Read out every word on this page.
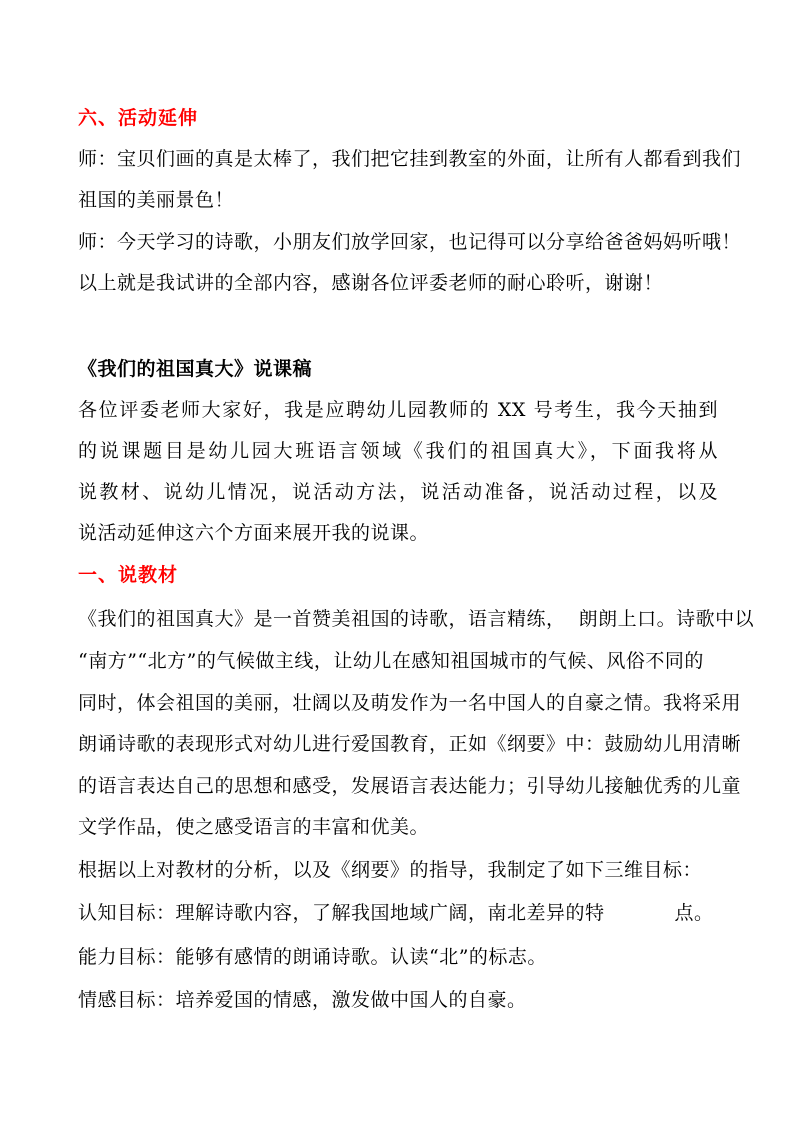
六、活动延伸
师：宝贝们画的真是太棒了，我们把它挂到教室的外面，让所有人都看到我们
祖国的美丽景色！
师：今天学习的诗歌，小朋友们放学回家，也记得可以分享给爸爸妈妈听哦！
以上就是我试讲的全部内容，感谢各位评委老师的耐心聆听，谢谢！
《我们的祖国真大》说课稿
各位评委老师大家好，我是应聘幼儿园教师的 XX 号考生，我今天抽到
的说课题目是幼儿园大班语言领域《我们的祖国真大》，下面我将从
说教材、说幼儿情况，说活动方法，说活动准备，说活动过程，以及
说活动延伸这六个方面来展开我的说课。
一、说教材
《我们的祖国真大》是一首赞美祖国的诗歌，语言精练，  朗朗上口。诗歌中以
“南方”“北方”的气候做主线，让幼儿在感知祖国城市的气候、风俗不同的
同时，体会祖国的美丽，壮阔以及萌发作为一名中国人的自豪之情。我将采用
朗诵诗歌的表现形式对幼儿进行爱国教育，正如《纲要》中：鼓励幼儿用清晰
的语言表达自己的思想和感受，发展语言表达能力；引导幼儿接触优秀的儿童
文学作品，使之感受语言的丰富和优美。
根据以上对教材的分析，以及《纲要》的指导，我制定了如下三维目标：
认知目标：理解诗歌内容，了解我国地域广阔，南北差异的特	点。
能力目标：能够有感情的朗诵诗歌。认读“北”的标志。
情感目标：培养爱国的情感，激发做中国人的自豪。
